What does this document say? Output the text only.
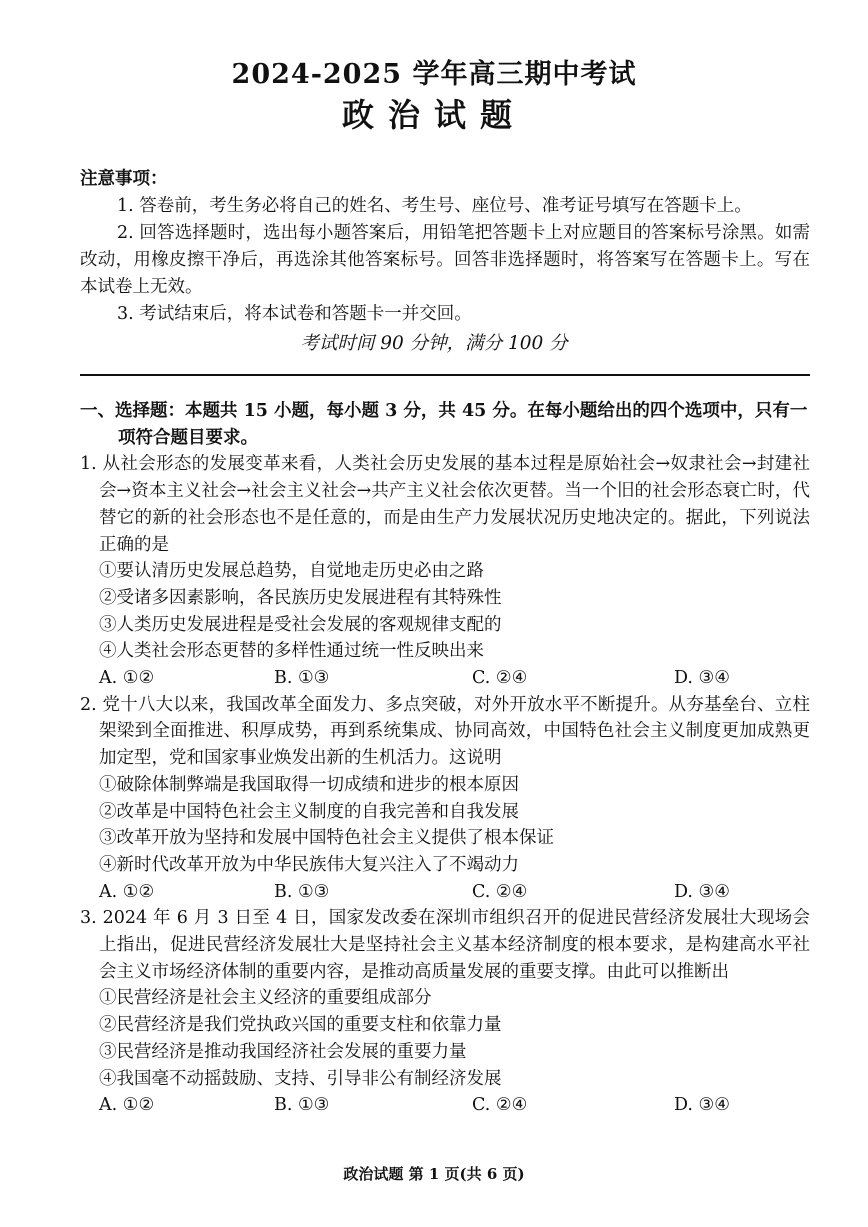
2024-2025 学年高三期中考试
政治试题
注意事项：
1. 答卷前，考生务必将自己的姓名、考生号、座位号、准考证号填写在答题卡上。
2. 回答选择题时，选出每小题答案后，用铅笔把答题卡上对应题目的答案标号涂黑。如需改动，用橡皮擦干净后，再选涂其他答案标号。回答非选择题时，将答案写在答题卡上。写在本试卷上无效。
3. 考试结束后，将本试卷和答题卡一并交回。
考试时间 90 分钟，满分 100 分
一、选择题：本题共 15 小题，每小题 3 分，共 45 分。在每小题给出的四个选项中，只有一项符合题目要求。
1. 从社会形态的发展变革来看，人类社会历史发展的基本过程是原始社会→奴隶社会→封建社会→资本主义社会→社会主义社会→共产主义社会依次更替。当一个旧的社会形态衰亡时，代替它的新的社会形态也不是任意的，而是由生产力发展状况历史地决定的。据此，下列说法正确的是
①要认清历史发展总趋势，自觉地走历史必由之路
②受诸多因素影响，各民族历史发展进程有其特殊性
③人类历史发展进程是受社会发展的客观规律支配的
④人类社会形态更替的多样性通过统一性反映出来
A. ①②	B. ①③	C. ②④	D. ③④
2. 党十八大以来，我国改革全面发力、多点突破，对外开放水平不断提升。从夯基垒台、立柱架梁到全面推进、积厚成势，再到系统集成、协同高效，中国特色社会主义制度更加成熟更加定型，党和国家事业焕发出新的生机活力。这说明
①破除体制弊端是我国取得一切成绩和进步的根本原因
②改革是中国特色社会主义制度的自我完善和自我发展
③改革开放为坚持和发展中国特色社会主义提供了根本保证
④新时代改革开放为中华民族伟大复兴注入了不竭动力
A. ①②	B. ①③	C. ②④	D. ③④
3. 2024 年 6 月 3 日至 4 日，国家发改委在深圳市组织召开的促进民营经济发展壮大现场会上指出，促进民营经济发展壮大是坚持社会主义基本经济制度的根本要求，是构建高水平社会主义市场经济体制的重要内容，是推动高质量发展的重要支撑。由此可以推断出
①民营经济是社会主义经济的重要组成部分
②民营经济是我们党执政兴国的重要支柱和依靠力量
③民营经济是推动我国经济社会发展的重要力量
④我国毫不动摇鼓励、支持、引导非公有制经济发展
A. ①②	B. ①③	C. ②④	D. ③④
政治试题 第 1 页(共 6 页)
